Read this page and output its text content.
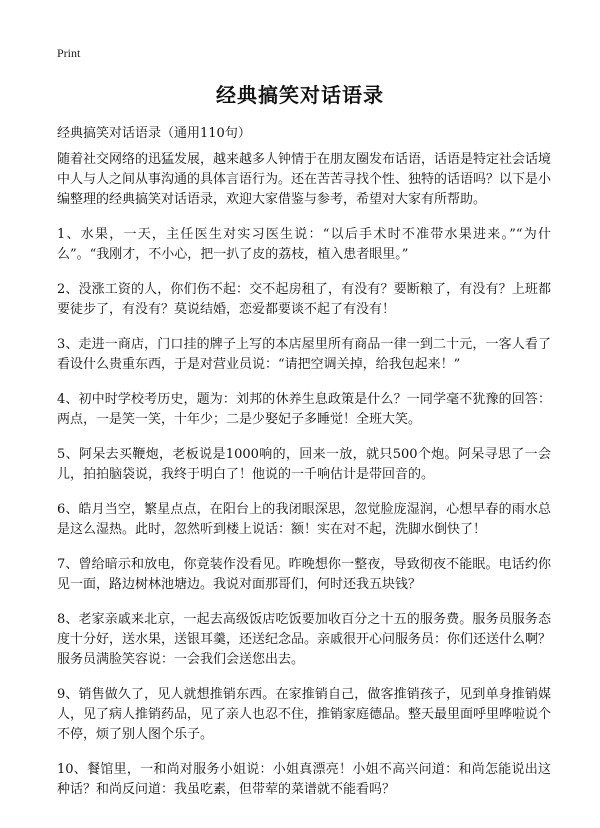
Print
经典搞笑对话语录
经典搞笑对话语录（通用110句）

随着社交网络的迅猛发展，越来越多人钟情于在朋友圈发布话语，话语是特定社会话境中人与人之间从事沟通的具体言语行为。还在苦苦寻找个性、独特的话语吗？以下是小编整理的经典搞笑对话语录，欢迎大家借鉴与参考，希望对大家有所帮助。

1、水果，一天，主任医生对实习医生说：“以后手术时不准带水果进来。”“为什么”。“我刚才，不小心，把一扒了皮的荔枝，植入患者眼里。”

2、没涨工资的人，你们伤不起：交不起房租了，有没有？要断粮了，有没有？上班都要徒步了，有没有？莫说结婚，恋爱都要谈不起了有没有！

3、走进一商店，门口挂的牌子上写的本店屋里所有商品一律一到二十元，一客人看了看设什么贵重东西，于是对营业员说：“请把空调关掉，给我包起来！”

4、初中时学校考历史，题为：刘邦的休养生息政策是什么？一同学毫不犹豫的回答：两点，一是笑一笑，十年少；二是少娶妃子多睡觉！全班大笑。

5、阿呆去买鞭炮，老板说是1000响的，回来一放，就只500个炮。阿呆寻思了一会儿，拍拍脑袋说，我终于明白了！他说的一千响估计是带回音的。

6、皓月当空，繁星点点，在阳台上的我闭眼深思，忽觉脸庞湿润，心想早春的雨水总是这么湿热。此时，忽然听到楼上说话：额！实在对不起，洗脚水倒快了！

7、曾给暗示和放电，你竟装作没看见。昨晚想你一整夜，导致彻夜不能眠。电话约你见一面，路边树林池塘边。我说对面那哥们，何时还我五块钱？

8、老家亲戚来北京，一起去高级饭店吃饭要加收百分之十五的服务费。服务员服务态度十分好，送水果，送银耳羹，还送纪念品。亲戚很开心问服务员：你们还送什么啊？服务员满脸笑容说：一会我们会送您出去。

9、销售做久了，见人就想推销东西。在家推销自己，做客推销孩子，见到单身推销媒人，见了病人推销药品，见了亲人也忍不住，推销家庭德品。整天最里面呼里哗啦说个不停，烦了别人图个乐子。

10、餐馆里，一和尚对服务小姐说：小姐真漂亮！小姐不高兴问道：和尚怎能说出这种话？和尚反问道：我虽吃素，但带荤的菜谱就不能看吗？
